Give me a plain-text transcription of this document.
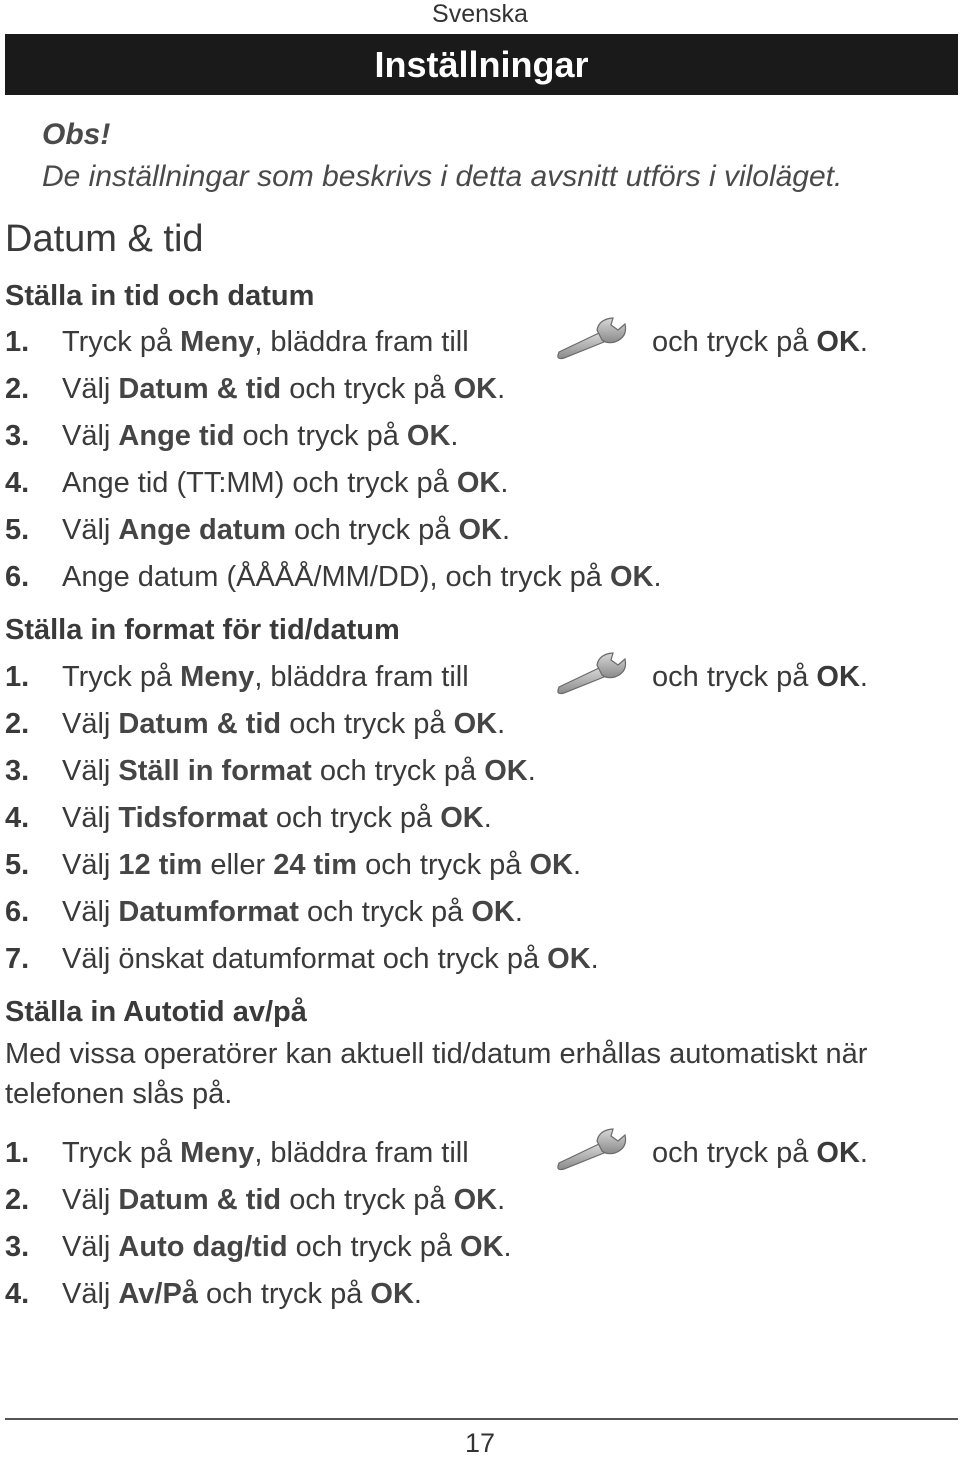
Svenska
Inställningar
Obs!
De inställningar som beskrivs i detta avsnitt utförs i viloläget.
Datum & tid
Ställa in tid och datum
1. Tryck på Meny, bläddra fram till	och tryck på OK.
2. Välj Datum & tid och tryck på OK.
3. Välj Ange tid och tryck på OK.
4. Ange tid (TT:MM) och tryck på OK.
5. Välj Ange datum och tryck på OK.
6. Ange datum (ÅÅÅÅ/MM/DD), och tryck på OK.
Ställa in format för tid/datum
1. Tryck på Meny, bläddra fram till	och tryck på OK.
2. Välj Datum & tid och tryck på OK.
3. Välj Ställ in format och tryck på OK.
4. Välj Tidsformat och tryck på OK.
5. Välj 12 tim eller 24 tim och tryck på OK.
6. Välj Datumformat och tryck på OK.
7. Välj önskat datumformat och tryck på OK.
Ställa in Autotid av/på
Med vissa operatörer kan aktuell tid/datum erhållas automatiskt när telefonen slås på.
1. Tryck på Meny, bläddra fram till	och tryck på OK.
2. Välj Datum & tid och tryck på OK.
3. Välj Auto dag/tid och tryck på OK.
4. Välj Av/På och tryck på OK.
17
